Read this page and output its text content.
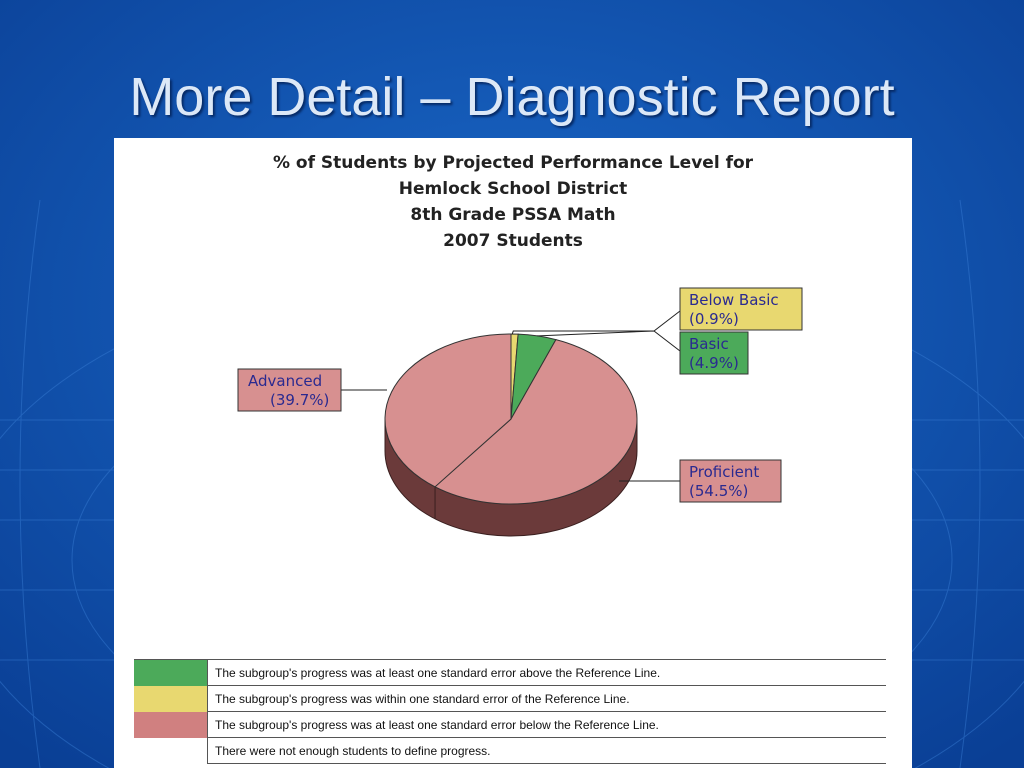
More Detail – Diagnostic Report
% of Students by Projected Performance Level for
Hemlock School District
8th Grade PSSA Math
2007 Students
Below Basic
(0.9%)
Basic
(4.9%)
Proficient
(54.5%)
Advanced
(39.7%)
	The subgroup's progress was at least one standard error above the Reference Line.
	The subgroup's progress was within one standard error of the Reference Line.
	The subgroup's progress was at least one standard error below the Reference Line.
	There were not enough students to define progress.
